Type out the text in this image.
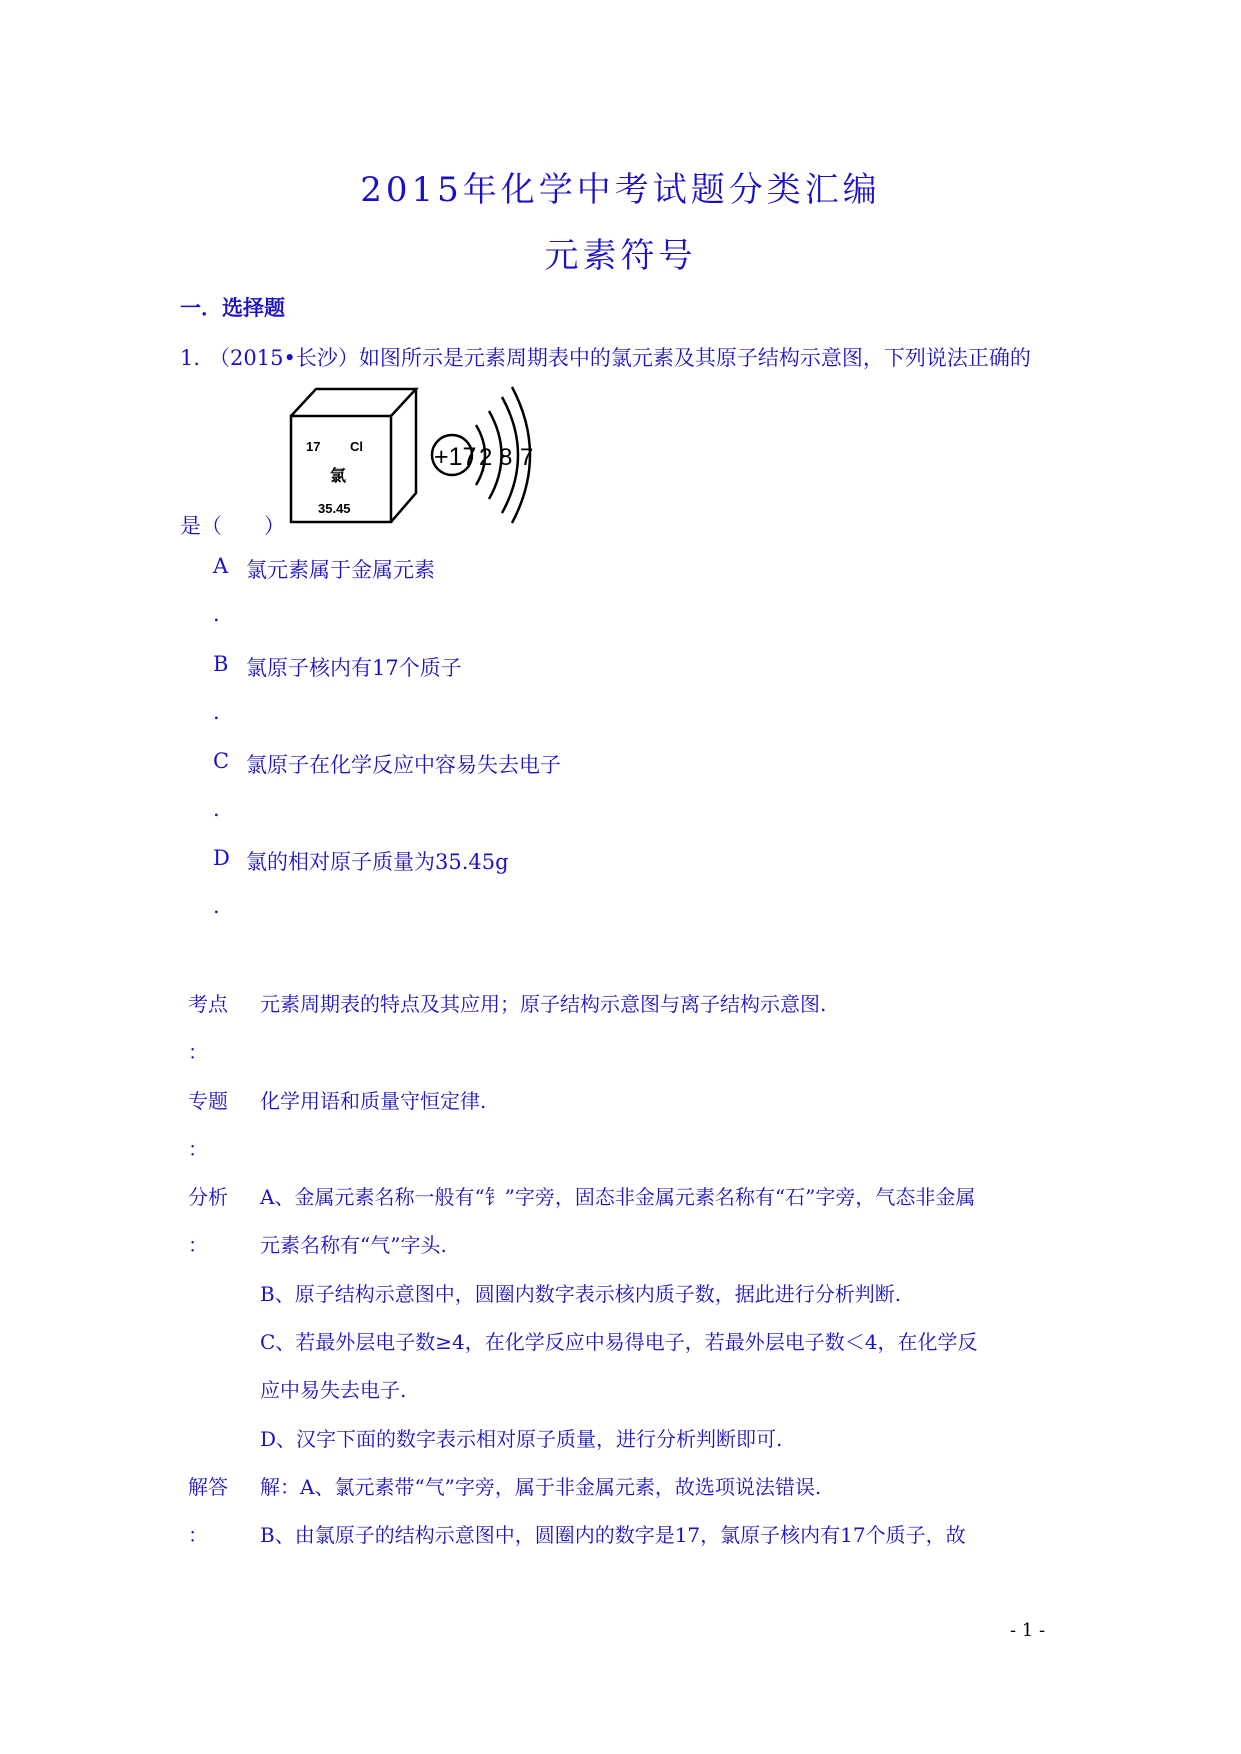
2015年化学中考试题分类汇编
元素符号
一．选择题
1．
（2015•长沙）如图所示是元素周期表中的氯元素及其原子结构示意图，下列说法正确的
是（　　）
17 Cl
氯
35.45
+17 2 8 7
A 氯元素属于金属元素
.
B 氯原子核内有17个质子
.
C 氯原子在化学反应中容易失去电子
.
D 氯的相对原子质量为35.45g
.
考点
：
元素周期表的特点及其应用；原子结构示意图与离子结构示意图.
专题
：
化学用语和质量守恒定律.
分析
：
A、金属元素名称一般有“钅”字旁，固态非金属元素名称有“石”字旁，气态非金属
元素名称有“气”字头.
B、原子结构示意图中，圆圈内数字表示核内质子数，据此进行分析判断.
C、若最外层电子数≥4，在化学反应中易得电子，若最外层电子数＜4，在化学反
应中易失去电子.
D、汉字下面的数字表示相对原子质量，进行分析判断即可.
解答
：
解：A、氯元素带“气”字旁，属于非金属元素，故选项说法错误.
B、由氯原子的结构示意图中，圆圈内的数字是17，氯原子核内有17个质子，故
- 1 -
